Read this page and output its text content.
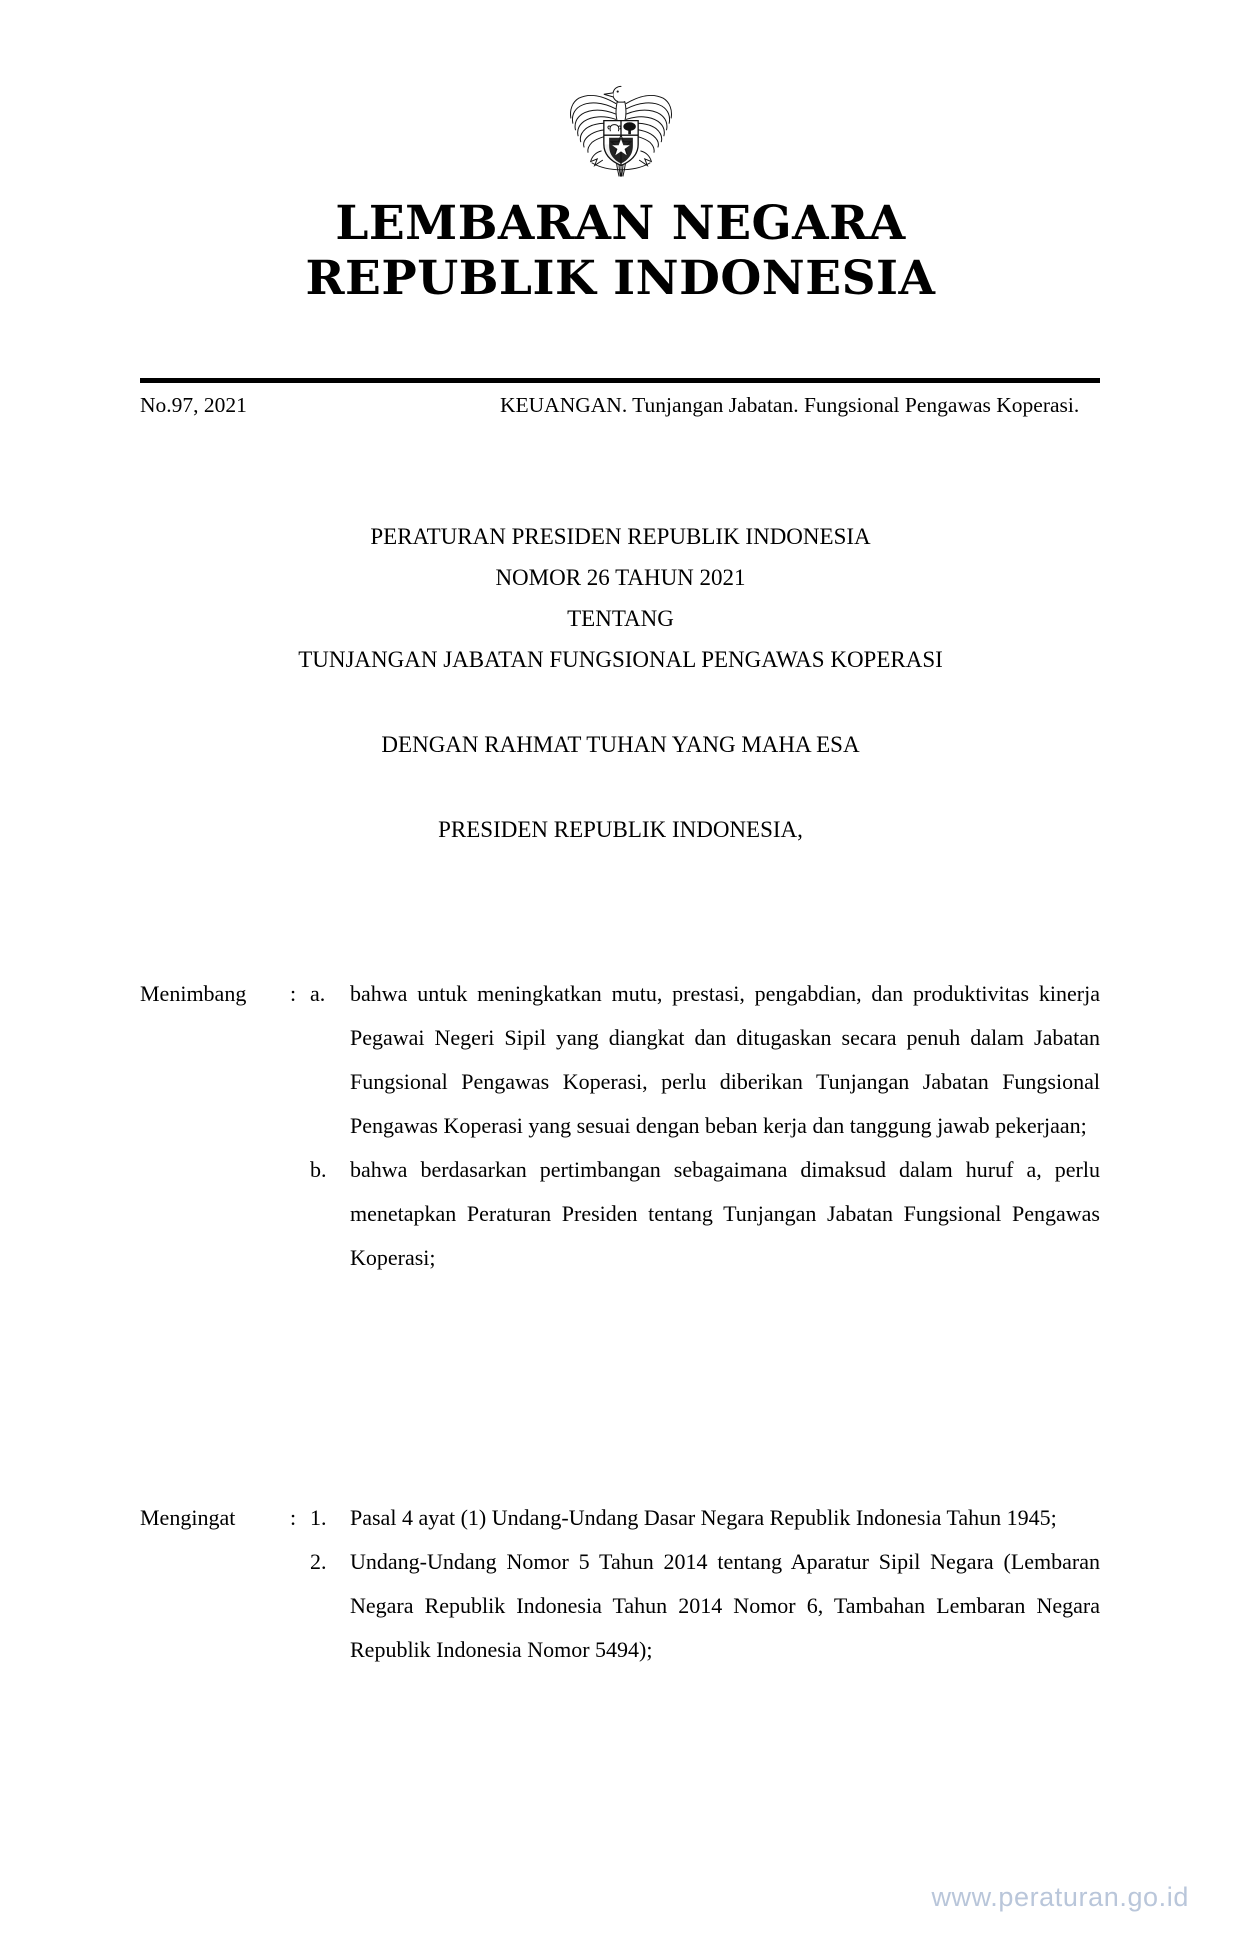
LEMBARAN NEGARA
REPUBLIK INDONESIA
No.97, 2021	KEUANGAN. Tunjangan Jabatan. Fungsional Pengawas Koperasi.
PERATURAN PRESIDEN REPUBLIK INDONESIA
NOMOR 26 TAHUN 2021
TENTANG
TUNJANGAN JABATAN FUNGSIONAL PENGAWAS KOPERASI
DENGAN RAHMAT TUHAN YANG MAHA ESA
PRESIDEN REPUBLIK INDONESIA,
Menimbang	: a.	bahwa untuk meningkatkan mutu, prestasi, pengabdian, dan produktivitas kinerja Pegawai Negeri Sipil yang diangkat dan ditugaskan secara penuh dalam Jabatan Fungsional Pengawas Koperasi, perlu diberikan Tunjangan Jabatan Fungsional Pengawas Koperasi yang sesuai dengan beban kerja dan tanggung jawab pekerjaan;
b.	bahwa berdasarkan pertimbangan sebagaimana dimaksud dalam huruf a, perlu menetapkan Peraturan Presiden tentang Tunjangan Jabatan Fungsional Pengawas Koperasi;
Mengingat	: 1.	Pasal 4 ayat (1) Undang-Undang Dasar Negara Republik Indonesia Tahun 1945;
2.	Undang-Undang Nomor 5 Tahun 2014 tentang Aparatur Sipil Negara (Lembaran Negara Republik Indonesia Tahun 2014 Nomor 6, Tambahan Lembaran Negara Republik Indonesia Nomor 5494);
www.peraturan.go.id
